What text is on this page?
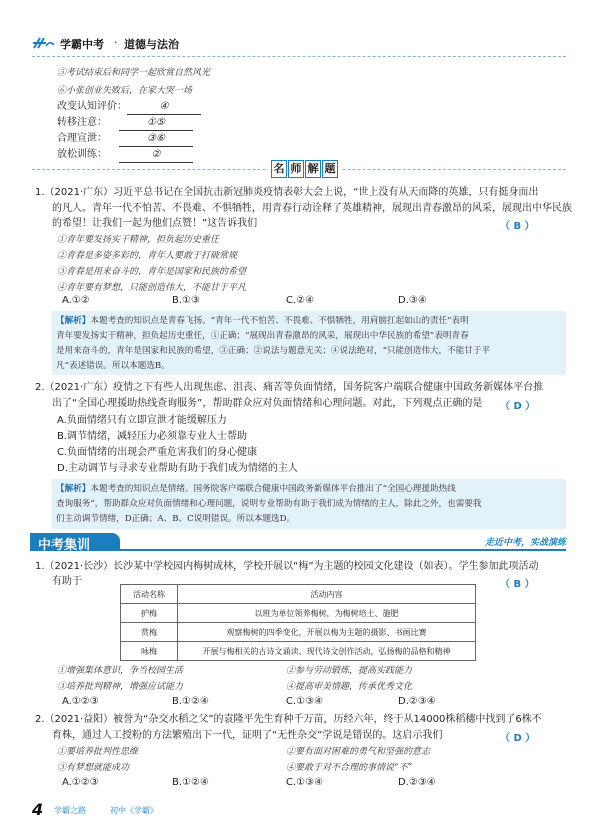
学霸中考 · 道德与法治
⑤考试结束后和同学一起欣赏自然风光
⑥小张创业失败后，在家大哭一场
改变认知评价：	④
转移注意：	①⑤
合理宣泄：	③⑥
放松训练：	②
名 师 解 题
1.（2021·广东）习近平总书记在全国抗击新冠肺炎疫情表彰大会上说，“世上没有从天而降的英雄，只有挺身而出
的凡人。青年一代不怕苦、不畏难、不惧牺牲，用青春行动诠释了英雄精神，展现出青春激昂的风采，展现出中华民族
的希望！让我们一起为他们点赞！”这告诉我们	（ B ）
①青年要发扬实干精神，担负起历史重任
②青春是多姿多彩的，青年人要敢于打破常规
③青春是用来奋斗的，青年是国家和民族的希望
④青年要有梦想，只能创造伟大，不能甘于平凡
A.①②	B.①③	C.②④	D.③④
【解析】本题考查的知识点是青春飞扬。“青年一代不怕苦、不畏难、不惧牺牲，用肩膀扛起如山的责任”表明
青年要发扬实干精神，担负起历史重任，①正确；“展现出青春激昂的风采，展现出中华民族的希望”表明青春
是用来奋斗的，青年是国家和民族的希望，③正确；②说法与题意无关；④说法绝对，“只能创造伟大，不能甘于平
凡”表述错误。所以本题选B。
2.（2021·广东）疫情之下有些人出现焦虑、沮丧、痛苦等负面情绪，国务院客户端联合健康中国政务新媒体平台推
出了“全国心理援助热线查询服务”，帮助群众应对负面情绪和心理问题。对此，下列观点正确的是 （ D ）
A.负面情绪只有立即宣泄才能缓解压力
B.调节情绪，减轻压力必须靠专业人士帮助
C.负面情绪的出现会严重危害我们的身心健康
D.主动调节与寻求专业帮助有助于我们成为情绪的主人
【解析】本题考查的知识点是情绪。国务院客户端联合健康中国政务新媒体平台推出了“全国心理援助热线
查询服务”，帮助群众应对负面情绪和心理问题，说明专业帮助有助于我们成为情绪的主人，除此之外，也需要我
们主动调节情绪，D正确；A、B、C说明错误。所以本题选D。
中考集训	走近中考，实战演练
1.（2021·长沙）长沙某中学校园内梅树成林，学校开展以“梅”为主题的校园文化建设（如表）。学生参加此项活动
有助于	（ B ）
活动名称	活动内容
护梅	以班为单位领养梅树，为梅树培土、施肥
赏梅	观察梅树的四季变化，开展以梅为主题的摄影、书画比赛
咏梅	开展与梅相关的古诗文诵读、现代诗文创作活动，弘扬梅的品格和精神
①增强集体意识，争当校园生活	②参与劳动锻炼，提高实践能力
③培养批判精神，增强应试能力	④提高审美情趣，传承优秀文化
A.①②③	B.①②④	C.①③④	D.②③④
2.（2021·益阳）被誉为“杂交水稻之父”的袁隆平先生育种千万苗，历经六年，终于从14000株稻穗中找到了6株不
育株，通过人工授粉的方法繁殖出下一代，证明了“无性杂交”学说是错误的。这启示我们	（ D ）
①要培养批判性思维	②要有面对困难的勇气和坚强的意志
③有梦想就能成功	④要敢于对不合理的事情说“不”
A.①②③	B.①②④	C.①③④	D.②③④
4 学霸之路	初中《学霸》
